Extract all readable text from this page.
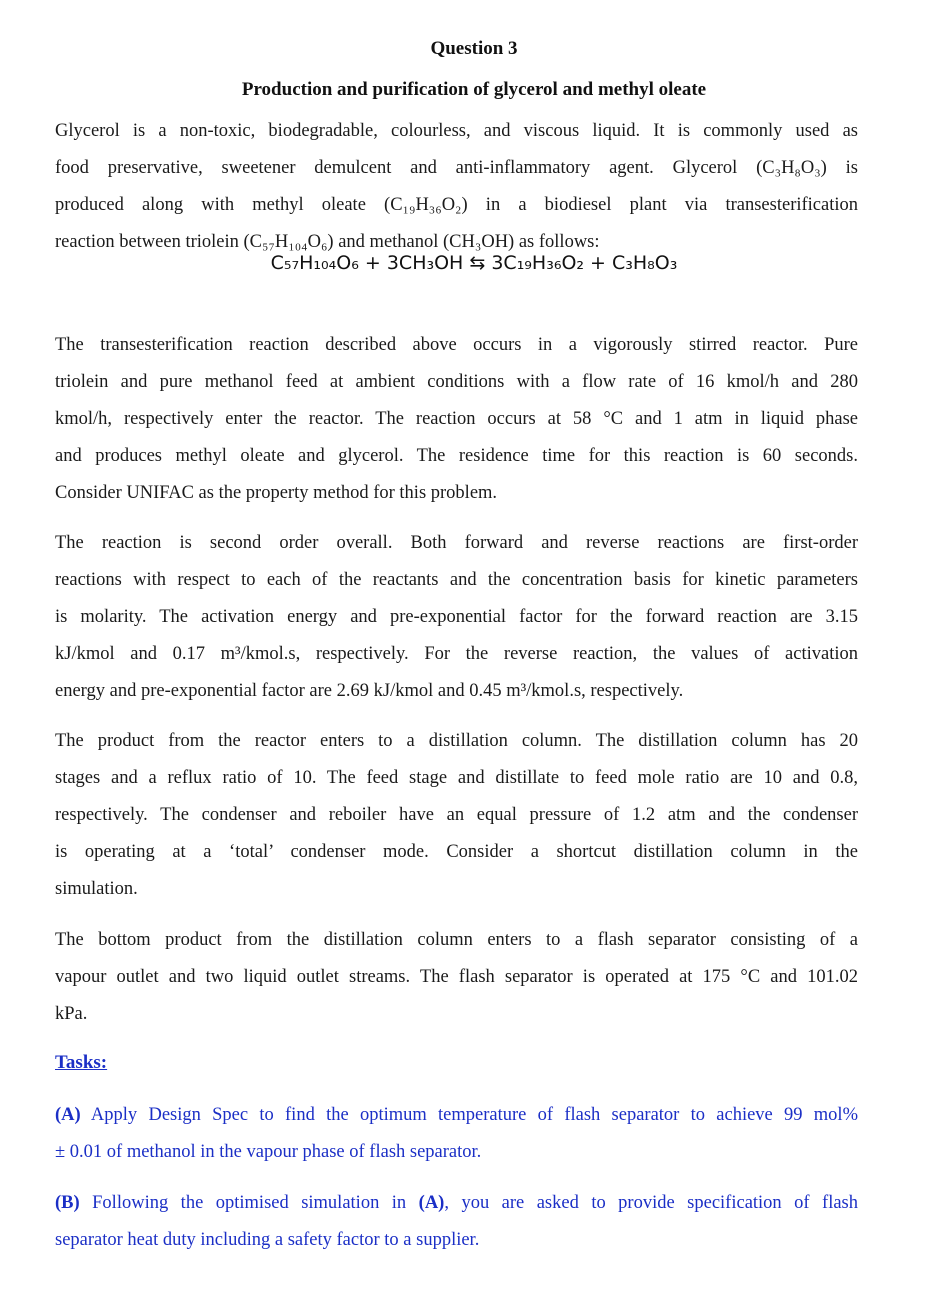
Question 3
Production and purification of glycerol and methyl oleate

Glycerol is a non-toxic, biodegradable, colourless, and viscous liquid. It is commonly used as
food preservative, sweetener demulcent and anti-inflammatory agent. Glycerol (C₃H₈O₃) is
produced along with methyl oleate (C₁₉H₃₆O₂) in a biodiesel plant via transesterification
reaction between triolein (C₅₇H₁₀₄O₆) and methanol (CH₃OH) as follows:

C₅₇H₁₀₄O₆ + 3CH₃OH ⇆ 3C₁₉H₃₆O₂ + C₃H₈O₃

The transesterification reaction described above occurs in a vigorously stirred reactor. Pure
triolein and pure methanol feed at ambient conditions with a flow rate of 16 kmol/h and 280
kmol/h, respectively enter the reactor. The reaction occurs at 58 °C and 1 atm in liquid phase
and produces methyl oleate and glycerol. The residence time for this reaction is 60 seconds.
Consider UNIFAC as the property method for this problem.

The reaction is second order overall. Both forward and reverse reactions are first-order
reactions with respect to each of the reactants and the concentration basis for kinetic parameters
is molarity. The activation energy and pre-exponential factor for the forward reaction are 3.15
kJ/kmol and 0.17 m³/kmol.s, respectively. For the reverse reaction, the values of activation
energy and pre-exponential factor are 2.69 kJ/kmol and 0.45 m³/kmol.s, respectively.

The product from the reactor enters to a distillation column. The distillation column has 20
stages and a reflux ratio of 10. The feed stage and distillate to feed mole ratio are 10 and 0.8,
respectively. The condenser and reboiler have an equal pressure of 1.2 atm and the condenser
is operating at a ‘total’ condenser mode. Consider a shortcut distillation column in the
simulation.

The bottom product from the distillation column enters to a flash separator consisting of a
vapour outlet and two liquid outlet streams. The flash separator is operated at 175 °C and 101.02
kPa.

Tasks:

(A) Apply Design Spec to find the optimum temperature of flash separator to achieve 99 mol%
± 0.01 of methanol in the vapour phase of flash separator.

(B) Following the optimised simulation in (A), you are asked to provide specification of flash
separator heat duty including a safety factor to a supplier.
